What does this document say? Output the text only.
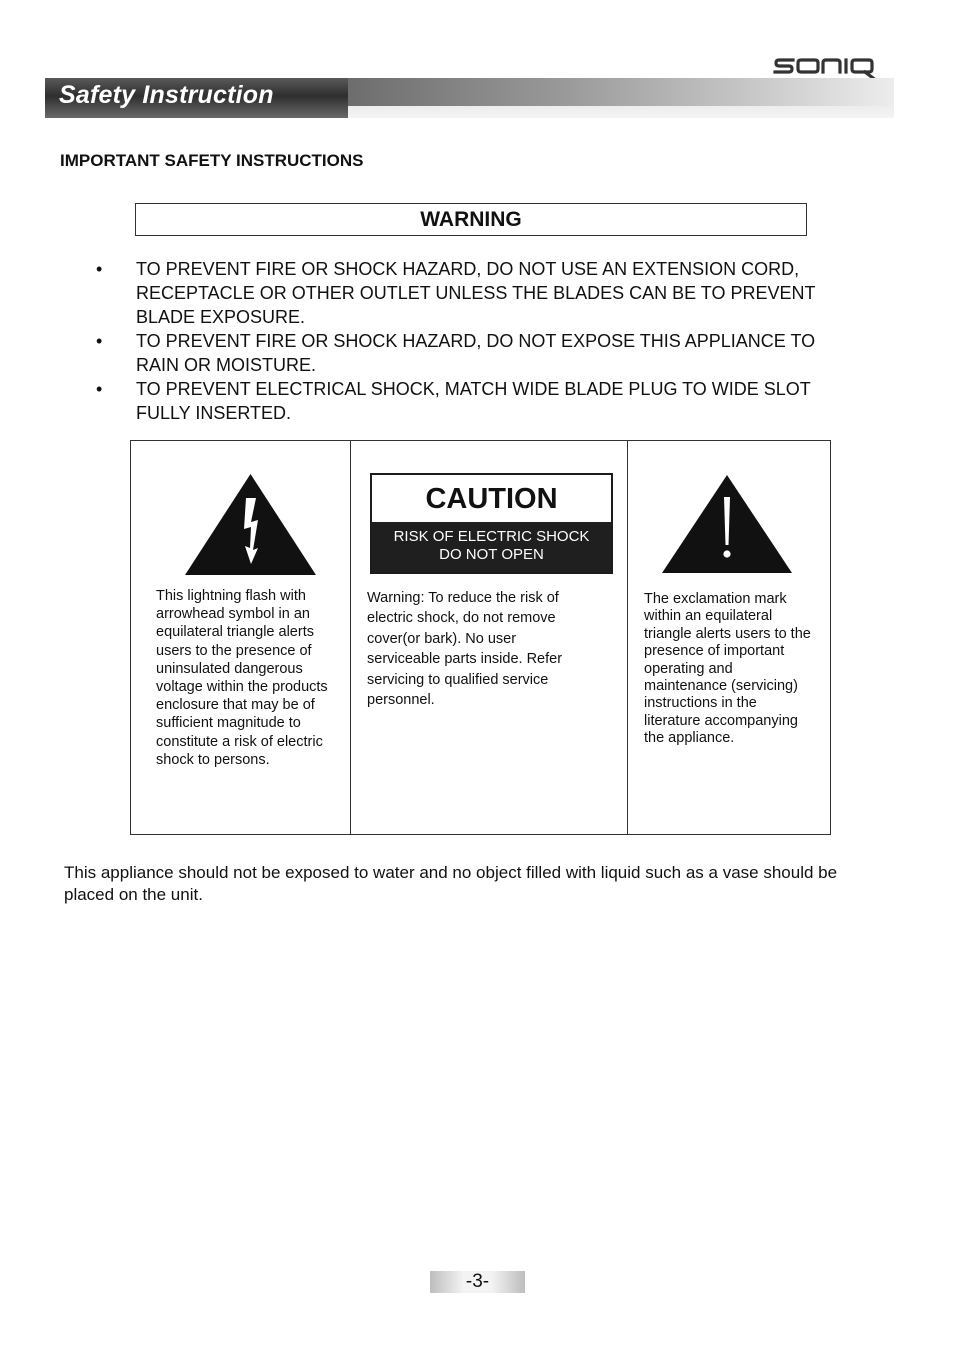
Safety Instruction
IMPORTANT SAFETY INSTRUCTIONS
WARNING
• TO PREVENT FIRE OR SHOCK HAZARD, DO NOT USE AN EXTENSION CORD, RECEPTACLE OR OTHER OUTLET UNLESS THE BLADES CAN BE TO PREVENT BLADE EXPOSURE.
• TO PREVENT FIRE OR SHOCK HAZARD, DO NOT EXPOSE THIS APPLIANCE TO RAIN OR MOISTURE.
• TO PREVENT ELECTRICAL SHOCK, MATCH WIDE BLADE PLUG TO WIDE SLOT FULLY INSERTED.
This lightning flash with arrowhead symbol in an equilateral triangle alerts users to the presence of uninsulated dangerous voltage within the products enclosure that may be of sufficient magnitude to constitute a risk of electric shock to persons.
CAUTION
RISK OF ELECTRIC SHOCK
DO NOT OPEN
Warning: To reduce the risk of electric shock, do not remove cover(or bark). No user serviceable parts inside. Refer servicing to qualified service personnel.
The exclamation mark within an equilateral triangle alerts users to the presence of important operating and maintenance (servicing) instructions in the literature accompanying the appliance.
This appliance should not be exposed to water and no object filled with liquid such as a vase should be placed on the unit.
-3-
